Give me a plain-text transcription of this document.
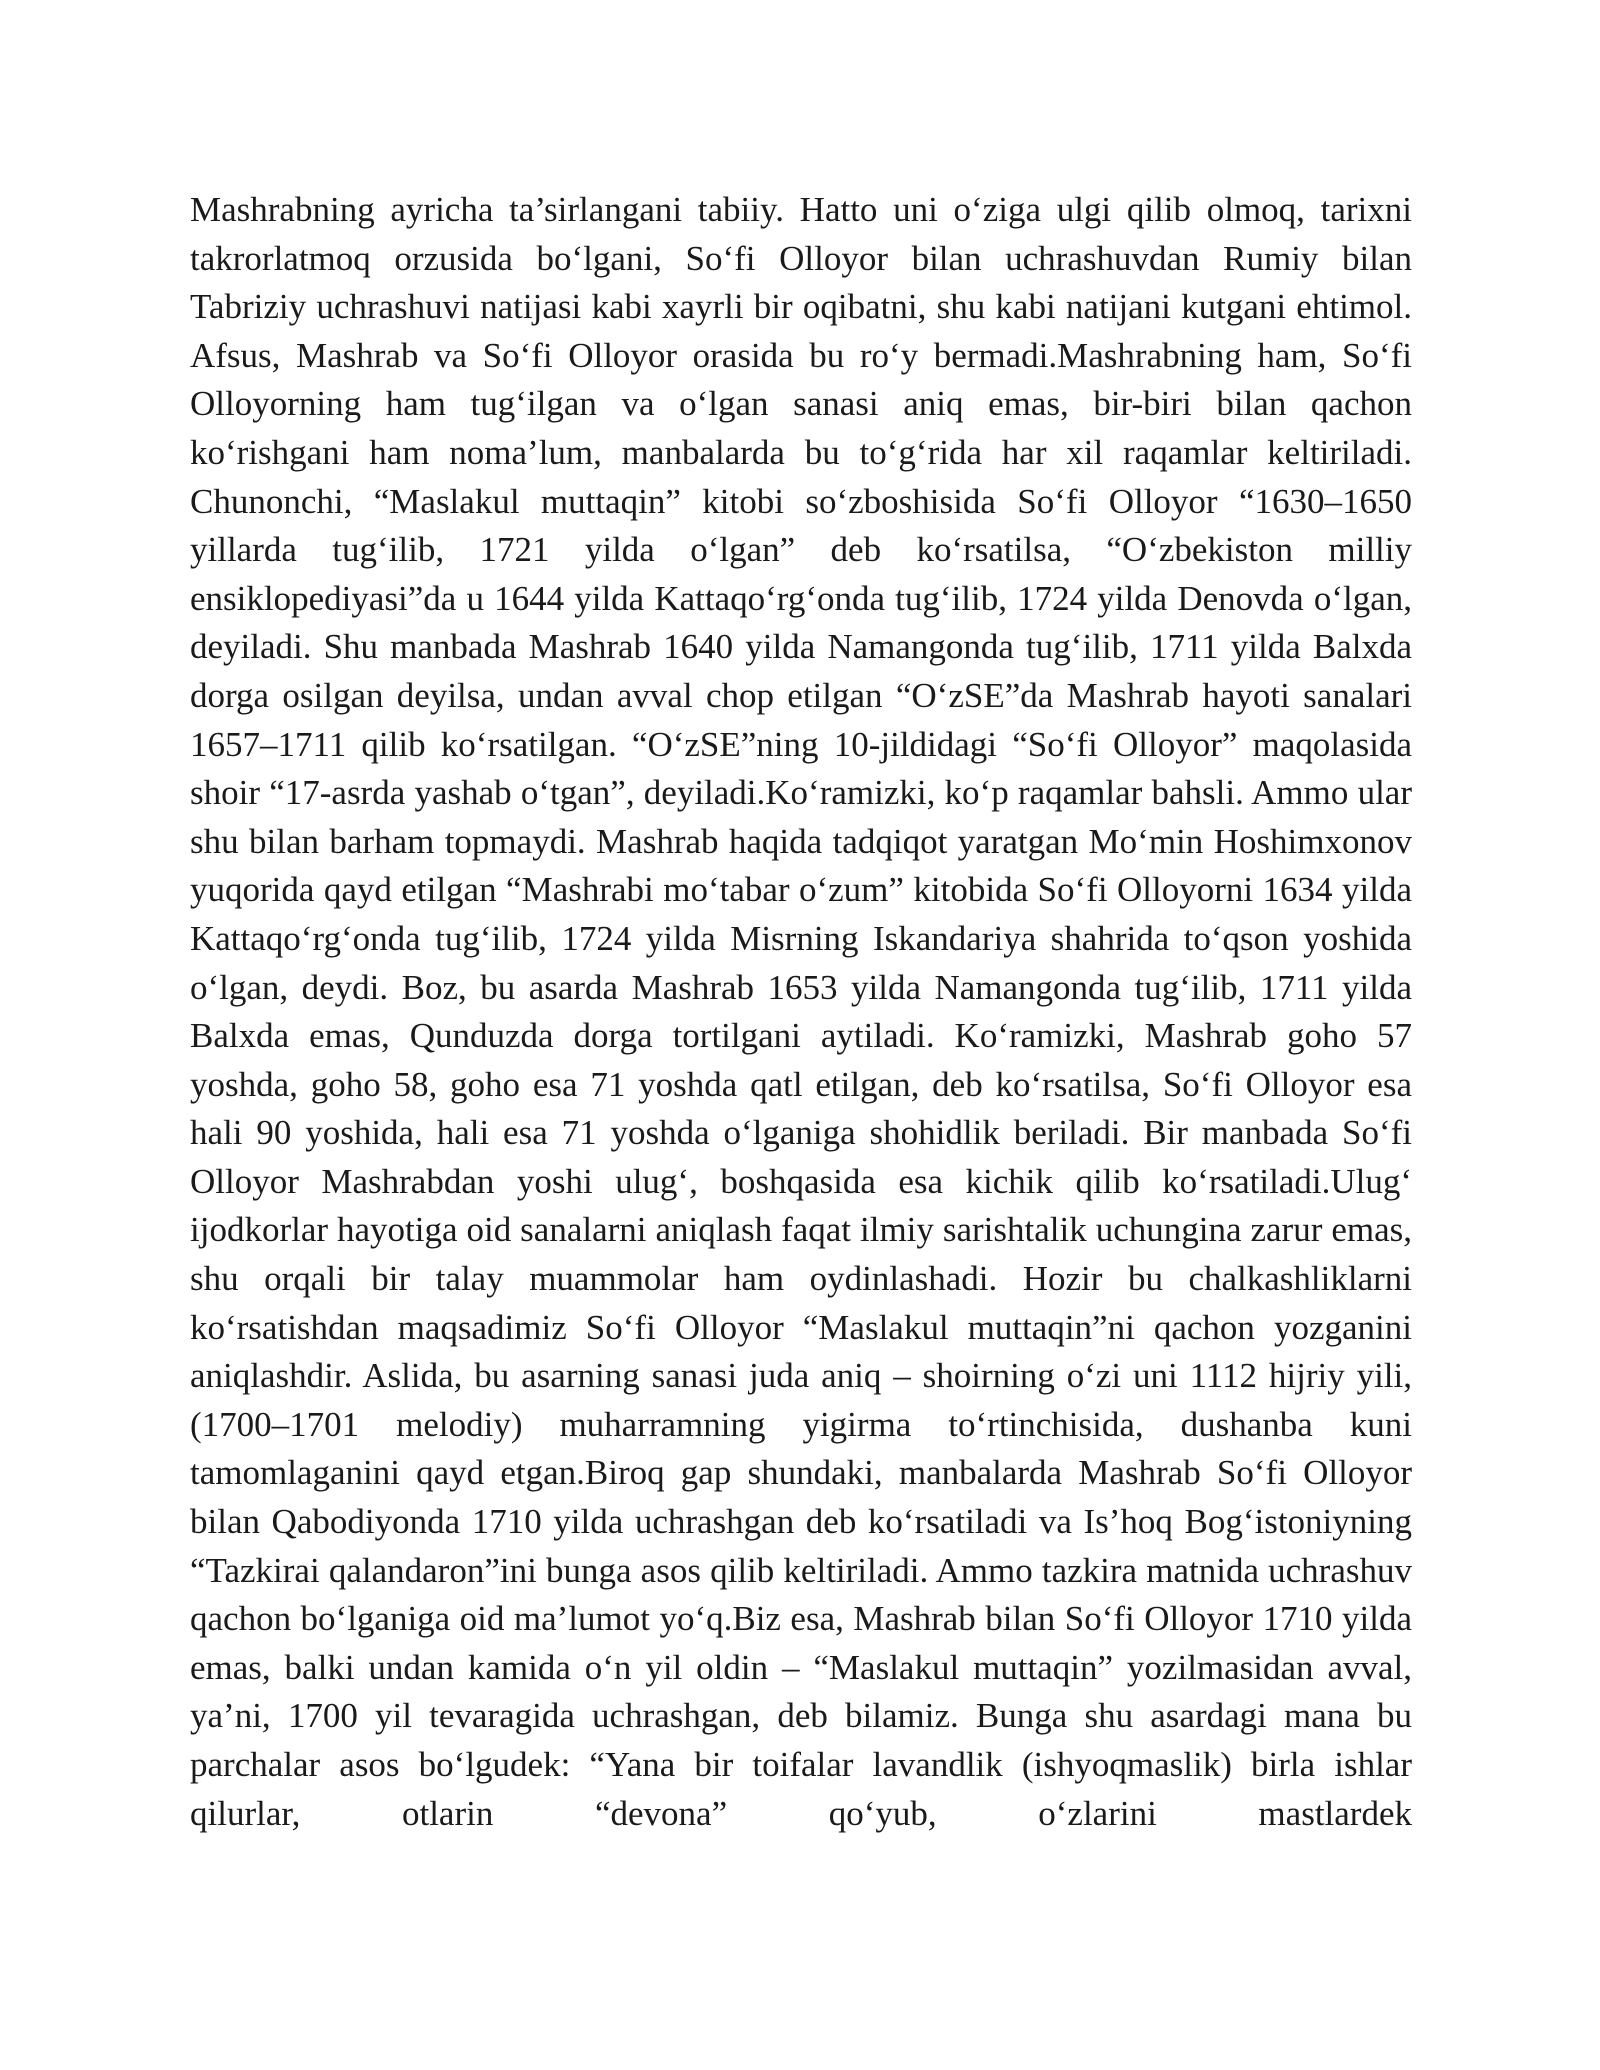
Mashrabning ayricha ta’sirlangani tabiiy. Hatto uni o‘ziga ulgi qilib olmoq, tarixni takrorlatmoq orzusida bo‘lgani, So‘fi Olloyor bilan uchrashuvdan Rumiy bilan Tabriziy uchrashuvi natijasi kabi xayrli bir oqibatni, shu kabi natijani kutgani ehtimol. Afsus, Mashrab va So‘fi Olloyor orasida bu ro‘y bermadi.Mashrabning ham, So‘fi Olloyorning ham tug‘ilgan va o‘lgan sanasi aniq emas, bir-biri bilan qachon ko‘rishgani ham noma’lum, manbalarda bu to‘g‘rida har xil raqamlar keltiriladi. Chunonchi, “Maslakul muttaqin” kitobi so‘zboshisida So‘fi Olloyor “1630–1650 yillarda tug‘ilib, 1721 yilda o‘lgan” deb ko‘rsatilsa, “O‘zbekiston milliy ensiklopediyasi”da u 1644 yilda Kattaqo‘rg‘onda tug‘ilib, 1724 yilda Denovda o‘lgan, deyiladi. Shu manbada Mashrab 1640 yilda Namangonda tug‘ilib, 1711 yilda Balxda dorga osilgan deyilsa, undan avval chop etilgan “O‘zSE”da Mashrab hayoti sanalari 1657–1711 qilib ko‘rsatilgan. “O‘zSE”ning 10-jildidagi “So‘fi Olloyor” maqolasida shoir “17-asrda yashab o‘tgan”, deyiladi.Ko‘ramizki, ko‘p raqamlar bahsli. Ammo ular shu bilan barham topmaydi. Mashrab haqida tadqiqot yaratgan Mo‘min Hoshimxonov yuqorida qayd etilgan “Mashrabi mo‘tabar o‘zum” kitobida So‘fi Olloyorni 1634 yilda Kattaqo‘rg‘onda tug‘ilib, 1724 yilda Misrning Iskandariya shahrida to‘qson yoshida o‘lgan, deydi. Boz, bu asarda Mashrab 1653 yilda Namangonda tug‘ilib, 1711 yilda Balxda emas, Qunduzda dorga tortilgani aytiladi. Ko‘ramizki, Mashrab goho 57 yoshda, goho 58, goho esa 71 yoshda qatl etilgan, deb ko‘rsatilsa, So‘fi Olloyor esa hali 90 yoshida, hali esa 71 yoshda o‘lganiga shohidlik beriladi. Bir manbada So‘fi Olloyor Mashrabdan yoshi ulug‘, boshqasida esa kichik qilib ko‘rsatiladi.Ulug‘ ijodkorlar hayotiga oid sanalarni aniqlash faqat ilmiy sarishtalik uchungina zarur emas, shu orqali bir talay muammolar ham oydinlashadi. Hozir bu chalkashliklarni ko‘rsatishdan maqsadimiz So‘fi Olloyor “Maslakul muttaqin”ni qachon yozganini aniqlashdir. Aslida, bu asarning sanasi juda aniq – shoirning o‘zi uni 1112 hijriy yili, (1700–1701 melodiy) muharramning yigirma to‘rtinchisida, dushanba kuni tamomlaganini qayd etgan.Biroq gap shundaki, manbalarda Mashrab So‘fi Olloyor bilan Qabodiyonda 1710 yilda uchrashgan deb ko‘rsatiladi va Is’hoq Bog‘istoniyning “Tazkirai qalandaron”ini bunga asos qilib keltiriladi. Ammo tazkira matnida uchrashuv qachon bo‘lganiga oid ma’lumot yo‘q.Biz esa, Mashrab bilan So‘fi Olloyor 1710 yilda emas, balki undan kamida o‘n yil oldin – “Maslakul muttaqin” yozilmasidan avval, ya’ni, 1700 yil tevaragida uchrashgan, deb bilamiz. Bunga shu asardagi mana bu parchalar asos bo‘lgudek: “Yana bir toifalar lavandlik (ishyoqmaslik) birla ishlar qilurlar, otlarin “devona” qo‘yub, o‘zlarini mastlardek
